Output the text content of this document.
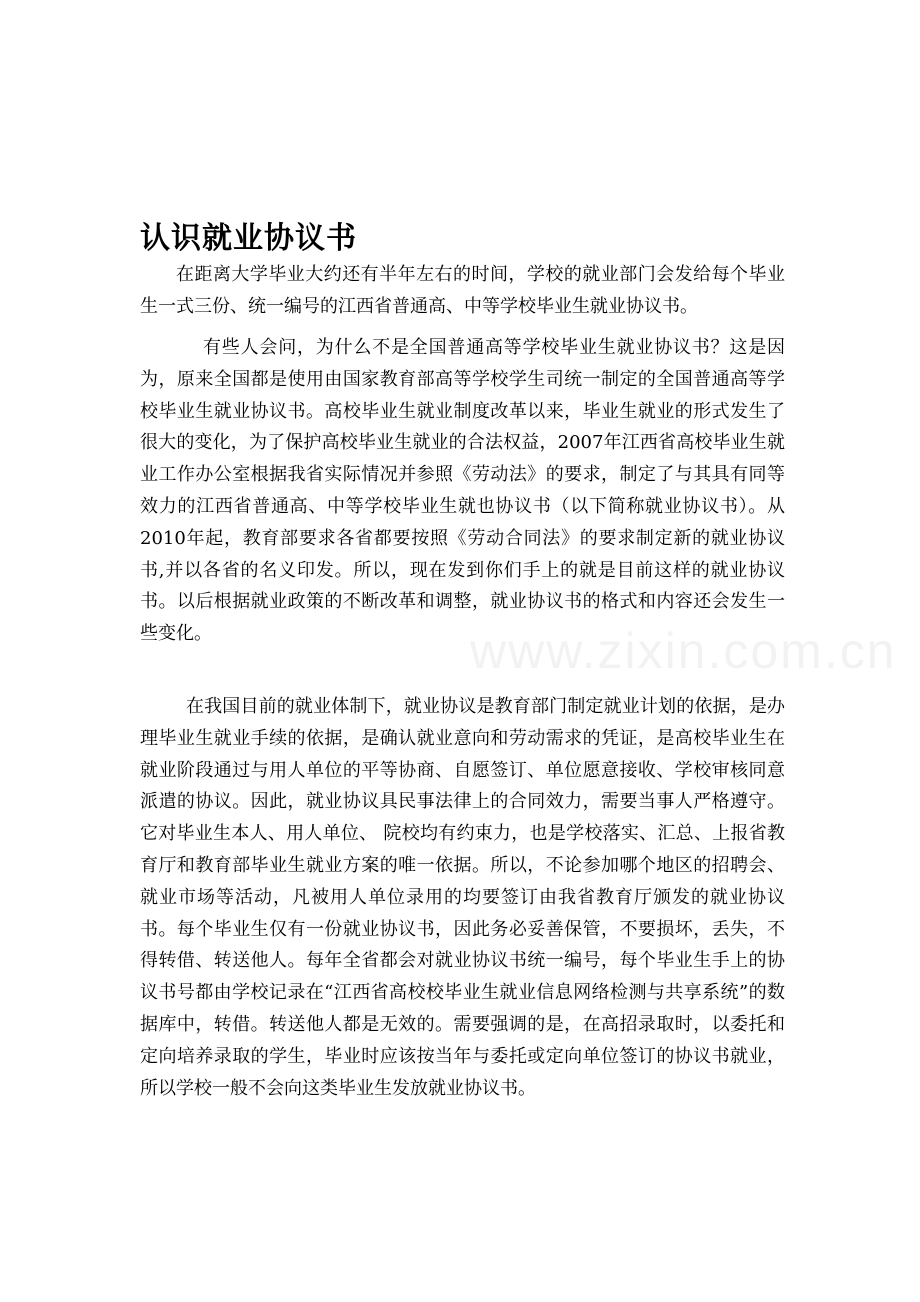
认识就业协议书

在距离大学毕业大约还有半年左右的时间，学校的就业部门会发给每个毕业生一式三份、统一编号的江西省普通高、中等学校毕业生就业协议书。

有些人会问，为什么不是全国普通高等学校毕业生就业协议书？这是因为，原来全国都是使用由国家教育部高等学校学生司统一制定的全国普通高等学校毕业生就业协议书。高校毕业生就业制度改革以来，毕业生就业的形式发生了很大的变化，为了保护高校毕业生就业的合法权益，2007年江西省高校毕业生就业工作办公室根据我省实际情况并参照《劳动法》的要求，制定了与其具有同等效力的江西省普通高、中等学校毕业生就也协议书（以下简称就业协议书）。从2010年起，教育部要求各省都要按照《劳动合同法》的要求制定新的就业协议书,并以各省的名义印发。所以，现在发到你们手上的就是目前这样的就业协议书。以后根据就业政策的不断改革和调整，就业协议书的格式和内容还会发生一些变化。

在我国目前的就业体制下，就业协议是教育部门制定就业计划的依据，是办理毕业生就业手续的依据，是确认就业意向和劳动需求的凭证，是高校毕业生在就业阶段通过与用人单位的平等协商、自愿签订、单位愿意接收、学校审核同意派遣的协议。因此，就业协议具民事法律上的合同效力，需要当事人严格遵守。它对毕业生本人、用人单位、 院校均有约束力，也是学校落实、汇总、上报省教育厅和教育部毕业生就业方案的唯一依据。所以，不论参加哪个地区的招聘会、就业市场等活动，凡被用人单位录用的均要签订由我省教育厅颁发的就业协议书。每个毕业生仅有一份就业协议书，因此务必妥善保管，不要损坏，丢失，不得转借、转送他人。每年全省都会对就业协议书统一编号，每个毕业生手上的协议书号都由学校记录在“江西省高校校毕业生就业信息网络检测与共享系统”的数据库中，转借。转送他人都是无效的。需要强调的是，在高招录取时，以委托和定向培养录取的学生，毕业时应该按当年与委托或定向单位签订的协议书就业，所以学校一般不会向这类毕业生发放就业协议书。

www.zixin.com.cn
